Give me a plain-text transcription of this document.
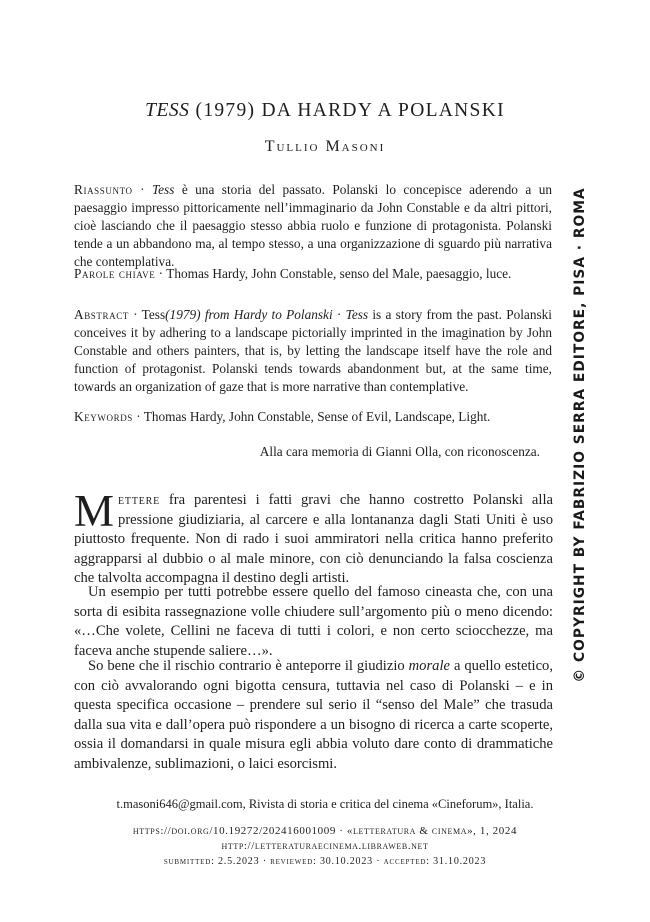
TESS (1979) DA HARDY A POLANSKI
Tullio Masoni

Riassunto · Tess è una storia del passato. Polanski lo concepisce aderendo a un paesaggio impresso pittoricamente nell’immaginario da John Constable e da altri pittori, cioè lasciando che il paesaggio stesso abbia ruolo e funzione di protagonista. Polanski tende a un abbandono ma, al tempo stesso, a una organizzazione di sguardo più narrativa che contemplativa.

Parole chiave · Thomas Hardy, John Constable, senso del Male, paesaggio, luce.

Abstract · Tess(1979) from Hardy to Polanski · Tess is a story from the past. Polanski conceives it by adhering to a landscape pictorially imprinted in the imagination by John Constable and others painters, that is, by letting the landscape itself have the role and function of protagonist. Polanski tends towards abandonment but, at the same time, towards an organization of gaze that is more narrative than contemplative.

Keywords · Thomas Hardy, John Constable, Sense of Evil, Landscape, Light.

Alla cara memoria di Gianni Olla, con riconoscenza.

Mettere fra parentesi i fatti gravi che hanno costretto Polanski alla pressione giudiziaria, al carcere e alla lontananza dagli Stati Uniti è uso piuttosto frequente. Non di rado i suoi ammiratori nella critica hanno preferito aggrapparsi al dubbio o al male minore, con ciò denunciando la falsa coscienza che talvolta accompagna il destino degli artisti.

Un esempio per tutti potrebbe essere quello del famoso cineasta che, con una sorta di esibita rassegnazione volle chiudere sull’argomento più o meno dicendo: «…Che volete, Cellini ne faceva di tutti i colori, e non certo sciocchezze, ma faceva anche stupende saliere…».

So bene che il rischio contrario è anteporre il giudizio morale a quello estetico, con ciò avvalorando ogni bigotta censura, tuttavia nel caso di Polanski – e in questa specifica occasione – prendere sul serio il “senso del Male” che trasuda dalla sua vita e dall’opera può rispondere a un bisogno di ricerca a carte scoperte, ossia il domandarsi in quale misura egli abbia voluto dare conto di drammatiche ambivalenze, sublimazioni, o laici esorcismi.

t.masoni646@gmail.com, Rivista di storia e critica del cinema «Cineforum», Italia.
https://doi.org/10.19272/202416001009 · «letteratura & cinema», 1, 2024
http://letteraturaecinema.libraweb.net
submitted: 2.5.2023 · reviewed: 30.10.2023 · accepted: 31.10.2023
© COPYRIGHT BY FABRIZIO SERRA EDITORE, PISA · ROMA
